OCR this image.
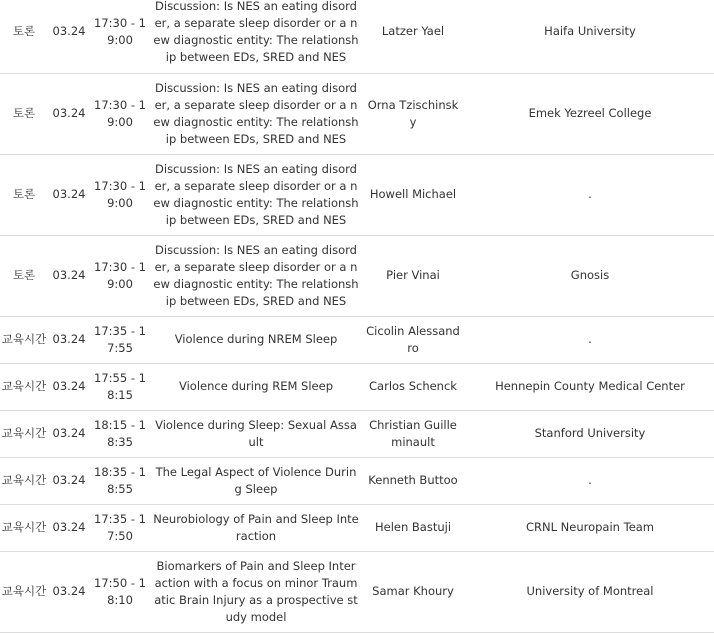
토론	03.24	17:30 - 19:00	Discussion: Is NES an eating disorder, a separate sleep disorder or a new diagnostic entity: The relationship between EDs, SRED and NES	Latzer Yael	Haifa University
토론	03.24	17:30 - 19:00	Discussion: Is NES an eating disorder, a separate sleep disorder or a new diagnostic entity: The relationship between EDs, SRED and NES	Orna Tzischinsky	Emek Yezreel College
토론	03.24	17:30 - 19:00	Discussion: Is NES an eating disorder, a separate sleep disorder or a new diagnostic entity: The relationship between EDs, SRED and NES	Howell Michael	.
토론	03.24	17:30 - 19:00	Discussion: Is NES an eating disorder, a separate sleep disorder or a new diagnostic entity: The relationship between EDs, SRED and NES	Pier Vinai	Gnosis
교육시간	03.24	17:35 - 17:55	Violence during NREM Sleep	Cicolin Alessandro	.
교육시간	03.24	17:55 - 18:15	Violence during REM Sleep	Carlos Schenck	Hennepin County Medical Center
교육시간	03.24	18:15 - 18:35	Violence during Sleep: Sexual Assault	Christian Guilleminault	Stanford University
교육시간	03.24	18:35 - 18:55	The Legal Aspect of Violence During Sleep	Kenneth Buttoo	.
교육시간	03.24	17:35 - 17:50	Neurobiology of Pain and Sleep Interaction	Helen Bastuji	CRNL Neuropain Team
교육시간	03.24	17:50 - 18:10	Biomarkers of Pain and Sleep Interaction with a focus on minor Traumatic Brain Injury as a prospective study model	Samar Khoury	University of Montreal
